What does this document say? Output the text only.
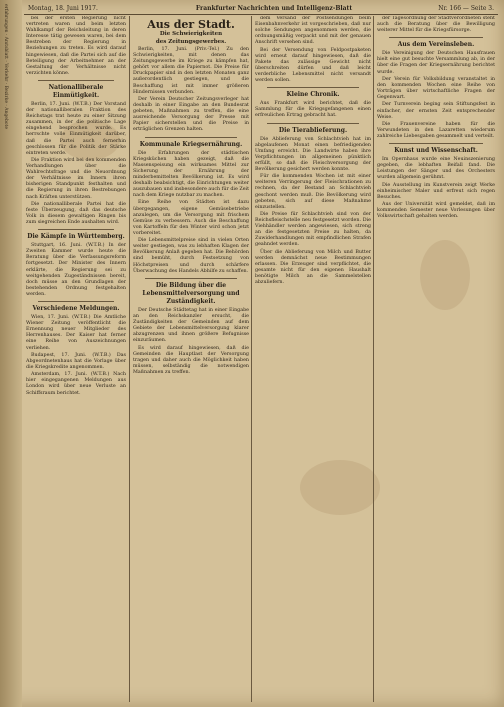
erfahrungen · Amtsblatt · Verkehr · Bezirke · Angebote	Montag, 18. Juni 1917.	Frankfurter Nachrichten und Intelligenz-Blatt	Nr. 166 — Seite 3.

bei der ersten Regierung nicht vertreten waren und beim letzten Wahlkampf der Reichsleitung in deren Interesse tätig gewesen waren, bei dem Bestreben der Regierung in Beziehungen zu treten. Es wird darauf hingewiesen, daß die Partei sich auf die Beteiligung der Arbeitnehmer an der Gestaltung der Verhältnisse nicht verzichten könne.

Nationalliberale Einmütigkeit.

Berlin, 17. Juni. (W.T.B.) Der Vorstand der nationalliberalen Fraktion des Reichstags trat heute zu einer Sitzung zusammen, in der die politische Lage eingehend besprochen wurde. Es herrschte volle Einmütigkeit darüber, daß die Partei auch fernerhin geschlossen für die Politik der Stärke eintreten werde.

Die Fraktion wird bei den kommenden Verhandlungen über die Wahlrechtsfrage und die Neuordnung der Verhältnisse im Innern ihren bisherigen Standpunkt festhalten und die Regierung in ihren Bestrebungen nach Kräften unterstützen.

Die nationalliberale Partei hat die feste Überzeugung, daß das deutsche Volk in diesem gewaltigen Ringen bis zum siegreichen Ende aushalten wird.

Die Kämpfe in Württemberg.

Stuttgart, 16. Juni. (W.T.B.) In der Zweiten Kammer wurde heute die Beratung über die Verfassungsreform fortgesetzt. Der Minister des Innern erklärte, die Regierung sei zu weitgehenden Zugeständnissen bereit, doch müsse an den Grundlagen der bestehenden Ordnung festgehalten werden.

Verschiedene Meldungen.

Wien, 17. Juni. (W.T.B.) Die Amtliche Wiener Zeitung veröffentlicht die Ernennung neuer Mitglieder des Herrenhauses. Der Kaiser hat ferner eine Reihe von Auszeichnungen verliehen.

Budapest, 17. Juni. (W.T.B.) Das Abgeordnetenhaus hat die Vorlage über die Kriegskredite angenommen.

Amsterdam, 17. Juni. (W.T.B.) Nach hier eingegangenen Meldungen aus London wird über neue Verluste an Schiffsraum berichtet.

Aus der Stadt.

Die Schwierigkeiten

des Zeitungsgewerbes.

Berlin, 17. Juni. (Priv.-Tel.) Zu den Schwierigkeiten, mit denen das Zeitungsgewerbe im Kriege zu kämpfen hat, gehört vor allem die Papiernot. Die Preise für Druckpapier sind in den letzten Monaten ganz außerordentlich gestiegen, und die Beschaffung ist mit immer größeren Hindernissen verbunden.

Der Verein Deutscher Zeitungsverleger hat deshalb in einer Eingabe an den Bundesrat gebeten, Maßnahmen zu treffen, die eine ausreichende Versorgung der Presse mit Papier sicherstellen und die Preise in erträglichen Grenzen halten.

Kommunale Kriegsernährung.

Die Erfahrungen der städtischen Kriegsküchen haben gezeigt, daß die Massenspeisung ein wirksames Mittel zur Sicherung der Ernährung der minderbemittelten Bevölkerung ist. Es wird deshalb beabsichtigt, die Einrichtungen weiter auszubauen und insbesondere auch für die Zeit nach dem Kriege nutzbar zu machen.

Eine Reihe von Städten ist dazu übergegangen, eigene Gemüsebetriebe anzulegen, um die Versorgung mit frischem Gemüse zu verbessern. Auch die Beschaffung von Kartoffeln für den Winter wird schon jetzt vorbereitet.

Die Lebensmittelpreise sind in vielen Orten weiter gestiegen, was zu lebhaften Klagen der Bevölkerung Anlaß gegeben hat. Die Behörden sind bemüht, durch Festsetzung von Höchstpreisen und durch schärfere Überwachung des Handels Abhilfe zu schaffen.

Die Bildung über die Lebensmittelversorgung und Zuständigkeit.

Der Deutsche Städtetag hat in einer Eingabe an den Reichskanzler ersucht, die Zuständigkeiten der Gemeinden auf dem Gebiete der Lebensmittelversorgung klarer abzugrenzen und ihnen größere Befugnisse einzuräumen.

Es wird darauf hingewiesen, daß die Gemeinden die Hauptlast der Versorgung tragen und daher auch die Möglichkeit haben müssen, selbständig die notwendigen Maßnahmen zu treffen.

dem Versand der Postsendungen beim Eisenbahnverkehr ist vorgeschrieben, daß nur solche Sendungen angenommen werden, die ordnungsmäßig verpackt und mit der genauen Anschrift versehen sind.

Bei der Versendung von Feldpostpaketen wird erneut darauf hingewiesen, daß die Pakete das zulässige Gewicht nicht überschreiten dürfen und daß leicht verderbliche Lebensmittel nicht versandt werden sollen.

Kleine Chronik.

Aus Frankfurt wird berichtet, daß die Sammlung für die Kriegsgefangenen einen erfreulichen Ertrag gebracht hat.

Die Tierablieferung.

Die Ablieferung von Schlachtvieh hat im abgelaufenen Monat einen befriedigenden Umfang erreicht. Die Landwirte haben ihre Verpflichtungen im allgemeinen pünktlich erfüllt, so daß die Fleischversorgung der Bevölkerung gesichert werden konnte.

Für die kommenden Wochen ist mit einer weiteren Verringerung der Fleischrationen zu rechnen, da der Bestand an Schlachtvieh geschont werden muß. Die Bevölkerung wird gebeten, sich auf diese Maßnahme einzustellen.

Die Preise für Schlachtvieh sind von der Reichsfleischstelle neu festgesetzt worden. Die Viehhändler werden angewiesen, sich streng an die festgesetzten Preise zu halten, da Zuwiderhandlungen mit empfindlichen Strafen geahndet werden.

Über die Ablieferung von Milch und Butter werden demnächst neue Bestimmungen erlassen. Die Erzeuger sind verpflichtet, die gesamte nicht für den eigenen Haushalt benötigte Milch an die Sammelstellen abzuliefern.

der Tagesordnung der Stadtverordneten steht auch die Beratung über die Bewilligung weiterer Mittel für die Kriegsfürsorge.

Aus dem Vereinsleben.

Die Vereinigung der Deutschen Hausfrauen hielt eine gut besuchte Versammlung ab, in der über die Fragen der Kriegsernährung berichtet wurde.

Der Verein für Volksbildung veranstaltet in den kommenden Wochen eine Reihe von Vorträgen über wirtschaftliche Fragen der Gegenwart.

Der Turnverein beging sein Stiftungsfest in einfacher, der ernsten Zeit entsprechender Weise.

Die Frauenvereine haben für die Verwundeten in den Lazaretten wiederum zahlreiche Liebesgaben gesammelt und verteilt.

Kunst und Wissenschaft.

Im Opernhaus wurde eine Neuinszenierung gegeben, die lebhaften Beifall fand. Die Leistungen der Sänger und des Orchesters wurden allgemein gerühmt.

Die Ausstellung im Kunstverein zeigt Werke einheimischer Maler und erfreut sich regen Besuches.

Aus der Universität wird gemeldet, daß im kommenden Semester neue Vorlesungen über Volkswirtschaft gehalten werden.
